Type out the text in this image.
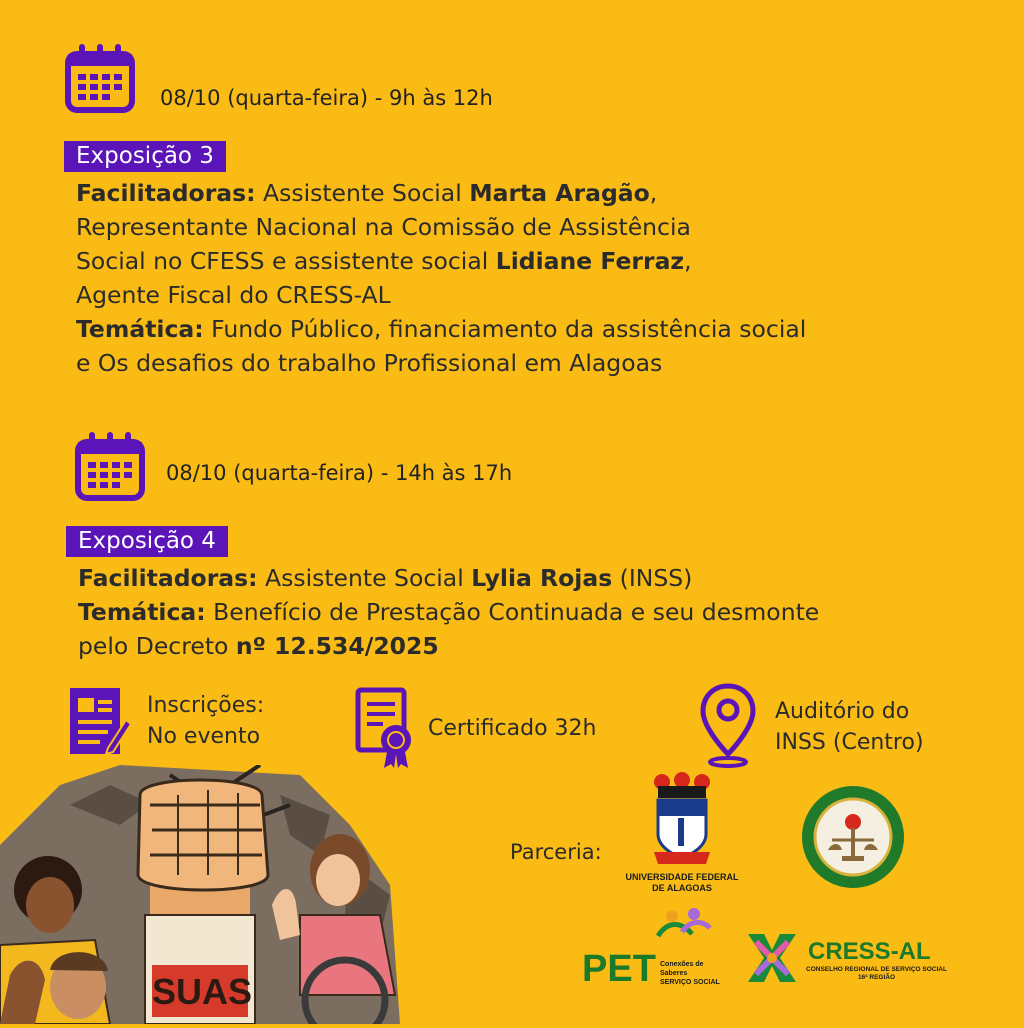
08/10 (quarta-feira) - 9h às 12h
Exposição 3
Facilitadoras: Assistente Social Marta Aragão,
Representante Nacional na Comissão de Assistência
Social no CFESS e assistente social Lidiane Ferraz,
Agente Fiscal do CRESS-AL
Temática: Fundo Público, financiamento da assistência social
e Os desafios do trabalho Profissional em Alagoas
08/10 (quarta-feira) - 14h às 17h
Exposição 4
Facilitadoras: Assistente Social Lylia Rojas (INSS)
Temática: Benefício de Prestação Continuada e seu desmonte
pelo Decreto nº 12.534/2025
Inscrições:
No evento	Certificado 32h
Auditório do
INSS (Centro)
SUAS
Parceria:
UNIVERSIDADE FEDERAL
DE ALAGOAS
PET Conexões de Saberes
SERVIÇO SOCIAL
CRESS-AL
CONSELHO REGIONAL DE SERVIÇO SOCIAL
16ª REGIÃO
